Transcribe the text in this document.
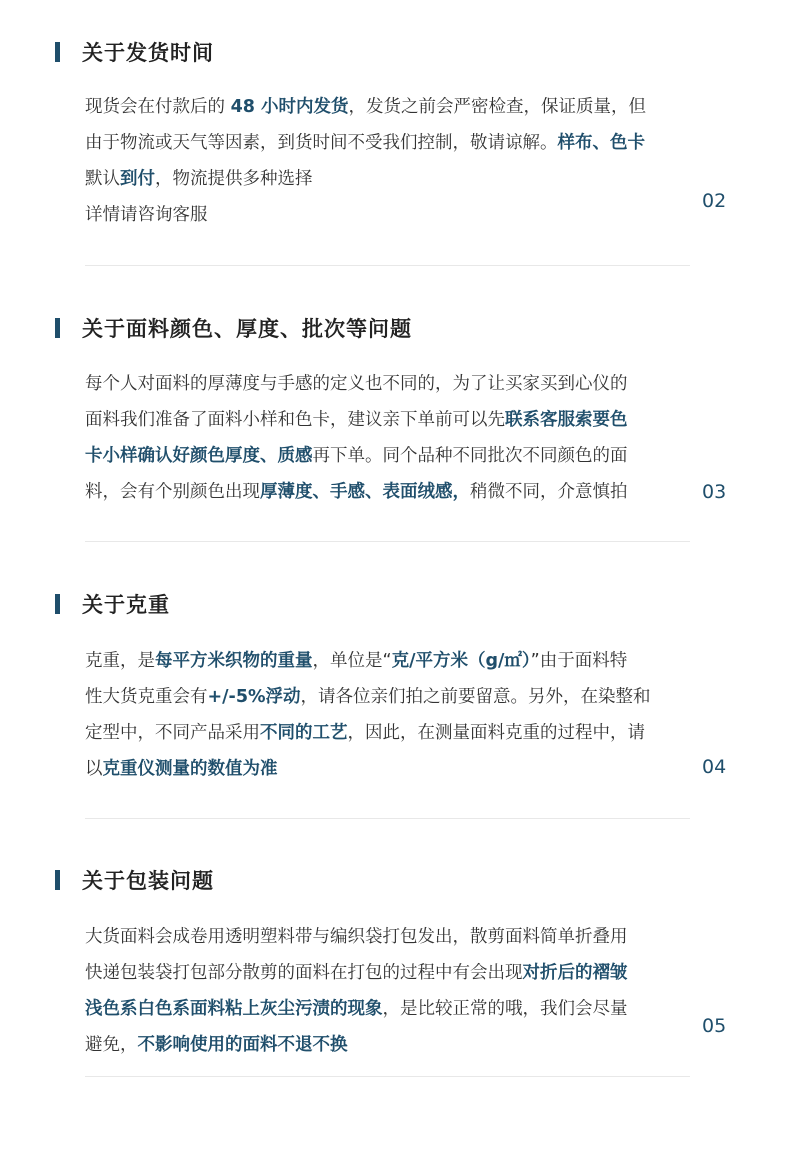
关于发货时间
现货会在付款后的 48 小时内发货，发货之前会严密检查，保证质量，但
由于物流或天气等因素，到货时间不受我们控制，敬请谅解。样布、色卡
默认到付，物流提供多种选择
详情请咨询客服
02
关于面料颜色、厚度、批次等问题
每个人对面料的厚薄度与手感的定义也不同的，为了让买家买到心仪的
面料我们准备了面料小样和色卡，建议亲下单前可以先联系客服索要色
卡小样确认好颜色厚度、质感再下单。同个品种不同批次不同颜色的面
料，会有个别颜色出现厚薄度、手感、表面绒感，稍微不同，介意慎拍	03
关于克重
克重，是每平方米织物的重量，单位是“克/平方米（g/㎡）”由于面料特
性大货克重会有+/-5%浮动，请各位亲们拍之前要留意。另外，在染整和
定型中，不同产品采用不同的工艺，因此，在测量面料克重的过程中，请
以克重仪测量的数值为准	04
关于包装问题
大货面料会成卷用透明塑料带与编织袋打包发出，散剪面料简单折叠用
快递包装袋打包部分散剪的面料在打包的过程中有会出现对折后的褶皱
浅色系白色系面料粘上灰尘污渍的现象，是比较正常的哦，我们会尽量
避免，不影响使用的面料不退不换
05
